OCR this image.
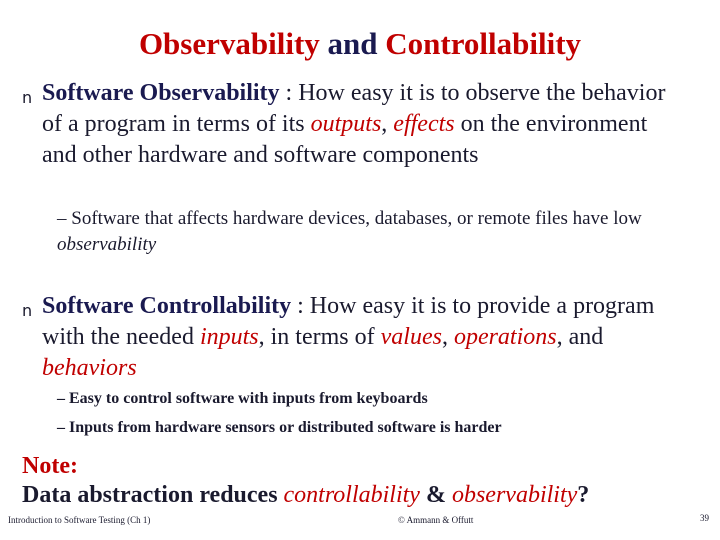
Observability and Controllability
n Software Observability : How easy it is to observe the behavior of a program in terms of its outputs, effects on the environment and other hardware and software components
– Software that affects hardware devices, databases, or remote files have low observability
n Software Controllability : How easy it is to provide a program with the needed inputs, in terms of values, operations, and behaviors
– Easy to control software with inputs from keyboards
– Inputs from hardware sensors or distributed software is harder
Note:
Data abstraction reduces controllability & observability?
Introduction to Software Testing (Ch 1)	© Ammann & Offutt	39
